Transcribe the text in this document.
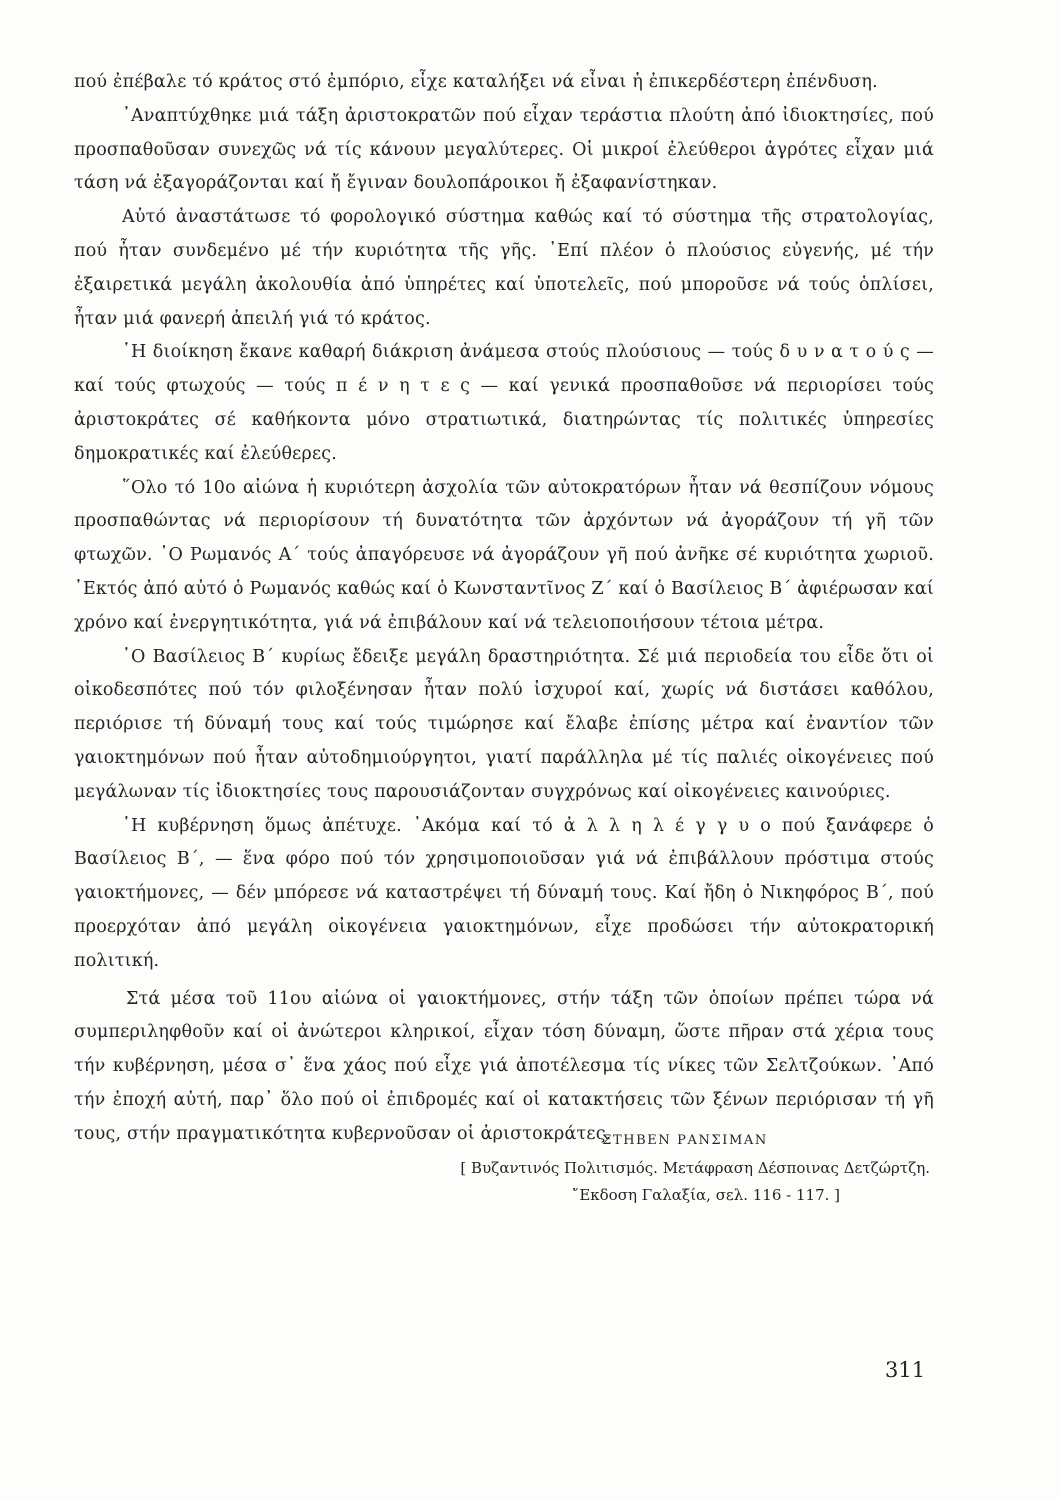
πού ἐπέβαλε τό κράτος στό ἐμπόριο, εἶχε καταλήξει νά εἶναι ἡ ἐπικερδέστερη ἐπένδυση.

᾽Αναπτύχθηκε μιά τάξη ἀριστοκρατῶν πού εἶχαν τεράστια πλούτη ἀπό ἰδιοκτησίες, πού προσπαθοῦσαν συνεχῶς νά τίς κάνουν μεγαλύτερες. Οἱ μικροί ἐλεύθεροι ἀγρότες εἶχαν μιά τάση νά ἐξαγοράζονται καί ἤ ἔγιναν δουλοπάροικοι ἤ ἐξαφανίστηκαν.

Αὐτό ἀναστάτωσε τό φορολογικό σύστημα καθώς καί τό σύστημα τῆς στρατολογίας, πού ἦταν συνδεμένο μέ τήν κυριότητα τῆς γῆς. ᾽Επί πλέον ὁ πλούσιος εὐγενής, μέ τήν ἐξαιρετικά μεγάλη ἀκολουθία ἀπό ὑπηρέτες καί ὑποτελεῖς, πού μποροῦσε νά τούς ὁπλίσει, ἦταν μιά φανερή ἀπειλή γιά τό κράτος.

῾Η διοίκηση ἔκανε καθαρή διάκριση ἀνάμεσα στούς πλούσιους — τούς δ υ ν α τ ο ύ ς — καί τούς φτωχούς — τούς π έ ν η τ ε ς — καί γενικά προσπαθοῦσε νά περιορίσει τούς ἀριστοκράτες σέ καθήκοντα μόνο στρατιωτικά, διατηρώντας τίς πολιτικές ὑπηρεσίες δημοκρατικές καί ἐλεύθερες.

῞Ολο τό 10ο αἰώνα ἡ κυριότερη ἀσχολία τῶν αὐτοκρατόρων ἦταν νά θεσπίζουν νόμους προσπαθώντας νά περιορίσουν τή δυνατότητα τῶν ἀρχόντων νά ἀγοράζουν τή γῆ τῶν φτωχῶν. ῾Ο Ρωμανός Α΄ τούς ἀπαγόρευσε νά ἀγοράζουν γῆ πού ἀνῆκε σέ κυριότητα χωριοῦ. ᾽Εκτός ἀπό αὐτό ὁ Ρωμανός καθώς καί ὁ Κωνσταντῖνος Ζ΄ καί ὁ Βασίλειος Β΄ ἀφιέρωσαν καί χρόνο καί ἐνεργητικότητα, γιά νά ἐπιβάλουν καί νά τελειοποιήσουν τέτοια μέτρα.

῾Ο Βασίλειος Β΄ κυρίως ἔδειξε μεγάλη δραστηριότητα. Σέ μιά περιοδεία του εἶδε ὅτι οἱ οἰκοδεσπότες πού τόν φιλοξένησαν ἦταν πολύ ἰσχυροί καί, χωρίς νά διστάσει καθόλου, περιόρισε τή δύναμή τους καί τούς τιμώρησε καί ἔλαβε ἐπίσης μέτρα καί ἐναντίον τῶν γαιοκτημόνων πού ἦταν αὐτοδημιούργητοι, γιατί παράλληλα μέ τίς παλιές οἰκογένειες πού μεγάλωναν τίς ἰδιοκτησίες τους παρουσιάζονταν συγχρόνως καί οἰκογένειες καινούριες.

῾Η κυβέρνηση ὅμως ἀπέτυχε. ᾽Ακόμα καί τό ἀ λ λ η λ έ γ γ υ ο πού ξανάφερε ὁ Βασίλειος Β΄, — ἕνα φόρο πού τόν χρησιμοποιοῦσαν γιά νά ἐπιβάλλουν πρόστιμα στούς γαιοκτήμονες, — δέν μπόρεσε νά καταστρέψει τή δύναμή τους. Καί ἤδη ὁ Νικηφόρος Β΄, πού προερχόταν ἀπό μεγάλη οἰκογένεια γαιοκτημόνων, εἶχε προδώσει τήν αὐτοκρατορική πολιτική.

Στά μέσα τοῦ 11ου αἰώνα οἱ γαιοκτήμονες, στήν τάξη τῶν ὁποίων πρέπει τώρα νά συμπεριληφθοῦν καί οἱ ἀνώτεροι κληρικοί, εἶχαν τόση δύναμη, ὥστε πῆραν στά χέρια τους τήν κυβέρνηση, μέσα σ᾽ ἕνα χάος πού εἶχε γιά ἀποτέλεσμα τίς νίκες τῶν Σελτζούκων. ᾽Από τήν ἐποχή αὐτή, παρ᾽ ὅλο πού οἱ ἐπιδρομές καί οἱ κατακτήσεις τῶν ξένων περιόρισαν τή γῆ τους, στήν πραγματικότητα κυβερνοῦσαν οἱ ἀριστοκράτες.

ΣΤΗΒΕΝ ΡΑΝΣΙΜΑΝ
[ Βυζαντινός Πολιτισμός. Μετάφραση Δέσποινας Δετζώρτζη.
῎Εκδοση Γαλαξία, σελ. 116 - 117. ]
311
